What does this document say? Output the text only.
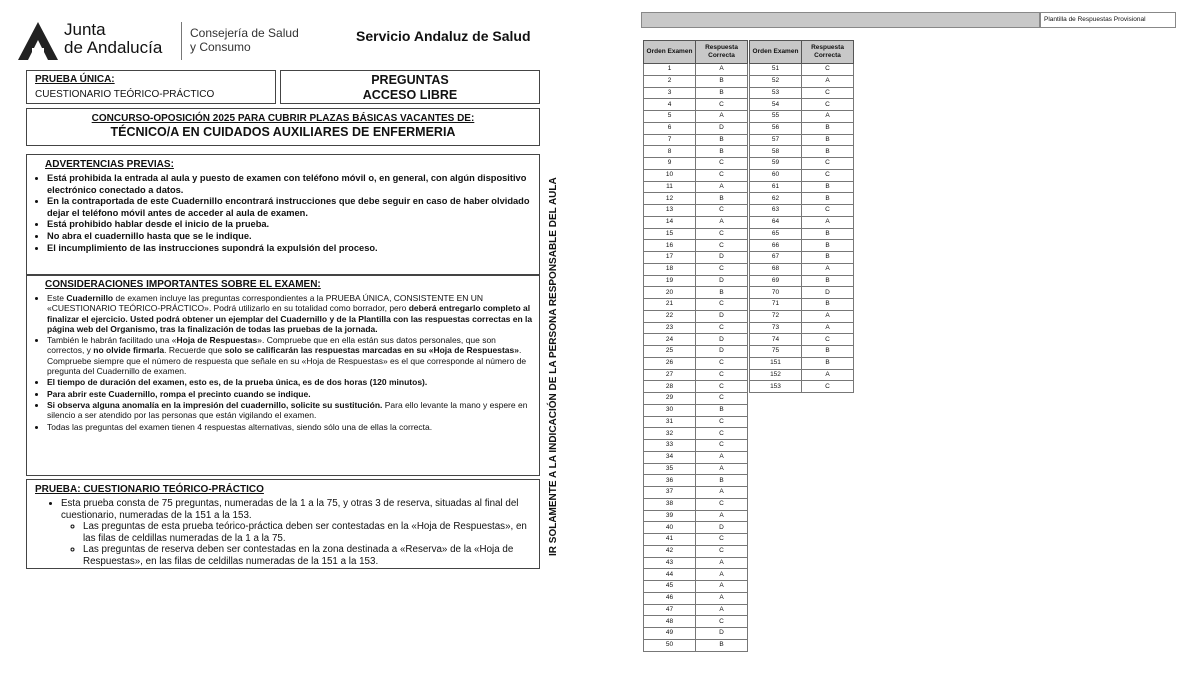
Junta
de Andalucía
Consejería de Salud
y Consumo
Servicio Andaluz de Salud
PRUEBA ÚNICA:
CUESTIONARIO TEÓRICO-PRÁCTICO
PREGUNTAS
ACCESO LIBRE
CONCURSO-OPOSICIÓN 2025 PARA CUBRIR PLAZAS BÁSICAS VACANTES DE:
TÉCNICO/A EN CUIDADOS AUXILIARES DE ENFERMERIA
ADVERTENCIAS PREVIAS:
• Está prohibida la entrada al aula y puesto de examen con teléfono móvil o, en general, con algún dispositivo electrónico conectado a datos.
• En la contraportada de este Cuadernillo encontrará instrucciones que debe seguir en caso de haber olvidado dejar el teléfono móvil antes de acceder al aula de examen.
• Está prohibido hablar desde el inicio de la prueba.
• No abra el cuadernillo hasta que se le indique.
• El incumplimiento de las instrucciones supondrá la expulsión del proceso.
CONSIDERACIONES IMPORTANTES SOBRE EL EXAMEN:
• Este Cuadernillo de examen incluye las preguntas correspondientes a la PRUEBA ÚNICA, CONSISTENTE EN UN «CUESTIONARIO TEÓRICO-PRÁCTICO». Podrá utilizarlo en su totalidad como borrador, pero deberá entregarlo completo al finalizar el ejercicio. Usted podrá obtener un ejemplar del Cuadernillo y de la Plantilla con las respuestas correctas en la página web del Organismo, tras la finalización de todas las pruebas de la jornada.
• También le habrán facilitado una «Hoja de Respuestas». Compruebe que en ella están sus datos personales, que son correctos, y no olvide firmarla. Recuerde que solo se calificarán las respuestas marcadas en su «Hoja de Respuestas». Compruebe siempre que el número de respuesta que señale en su «Hoja de Respuestas» es el que corresponde al número de pregunta del Cuadernillo de examen.
• El tiempo de duración del examen, esto es, de la prueba única, es de dos horas (120 minutos).
• Para abrir este Cuadernillo, rompa el precinto cuando se indique.
• Si observa alguna anomalía en la impresión del cuadernillo, solicite su sustitución. Para ello levante la mano y espere en silencio a ser atendido por las personas que están vigilando el examen.
• Todas las preguntas del examen tienen 4 respuestas alternativas, siendo sólo una de ellas la correcta.
PRUEBA: CUESTIONARIO TEÓRICO-PRÁCTICO
• Esta prueba consta de 75 preguntas, numeradas de la 1 a la 75, y otras 3 de reserva, situadas al final del cuestionario, numeradas de la 151 a la 153.
◦ Las preguntas de esta prueba teórico-práctica deben ser contestadas en la «Hoja de Respuestas», en las filas de celdillas numeradas de la 1 a la 75.
◦ Las preguntas de reserva deben ser contestadas en la zona destinada a «Reserva» de la «Hoja de Respuestas», en las filas de celdillas numeradas de la 151 a la 153.
IR SOLAMENTE A LA INDICACIÓN DE LA PERSONA RESPONSABLE DEL AULA
Plantilla de Respuestas Provisional
Orden Examen	Respuesta Correcta
1	A
2	B
3	B
4	C
5	A
6	D
7	B
8	B
9	C
10	C
11	A
12	B
13	C
14	A
15	C
16	C
17	D
18	C
19	D
20	B
21	C
22	D
23	C
24	D
25	D
26	C
27	C
28	C
29	C
30	B
31	C
32	C
33	C
34	A
35	A
36	B
37	A
38	C
39	A
40	D
41	C
42	C
43	A
44	A
45	A
46	A
47	A
48	C
49	D
50	B
Orden Examen	Respuesta Correcta
51	C
52	A
53	C
54	C
55	A
56	B
57	B
58	B
59	C
60	C
61	B
62	B
63	C
64	A
65	B
66	B
67	B
68	A
69	B
70	D
71	B
72	A
73	A
74	C
75	B
151	B
152	A
153	C
